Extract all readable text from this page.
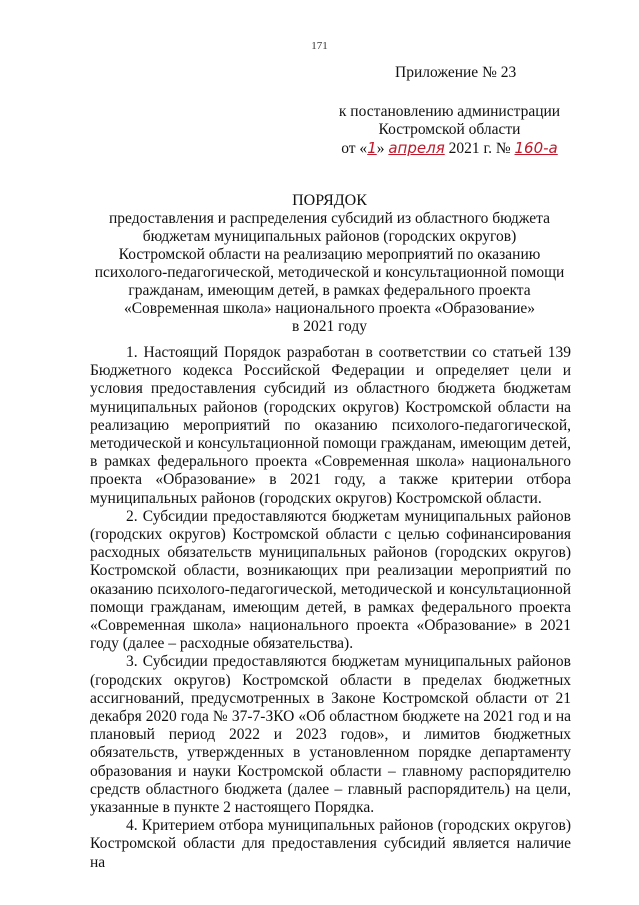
171
Приложение № 23
к постановлению администрации
Костромской области
от «1» апреля 2021 г. № 160-а
ПОРЯДОК
предоставления и распределения субсидий из областного бюджета
бюджетам муниципальных районов (городских округов)
Костромской области на реализацию мероприятий по оказанию
психолого-педагогической, методической и консультационной помощи
гражданам, имеющим детей, в рамках федерального проекта
«Современная школа» национального проекта «Образование»
в 2021 году

1. Настоящий Порядок разработан в соответствии со статьей 139 Бюджетного кодекса Российской Федерации и определяет цели и условия предоставления субсидий из областного бюджета бюджетам муниципальных районов (городских округов) Костромской области на реализацию мероприятий по оказанию психолого-педагогической, методической и консультационной помощи гражданам, имеющим детей, в рамках федерального проекта «Современная школа» национального проекта «Образование» в 2021 году, а также критерии отбора муниципальных районов (городских округов) Костромской области.

2. Субсидии предоставляются бюджетам муниципальных районов (городских округов) Костромской области с целью софинансирования расходных обязательств муниципальных районов (городских округов) Костромской области, возникающих при реализации мероприятий по оказанию психолого-педагогической, методической и консультационной помощи гражданам, имеющим детей, в рамках федерального проекта «Современная школа» национального проекта «Образование» в 2021 году (далее – расходные обязательства).

3. Субсидии предоставляются бюджетам муниципальных районов (городских округов) Костромской области в пределах бюджетных ассигнований, предусмотренных в Законе Костромской области от 21 декабря 2020 года № 37-7-ЗКО «Об областном бюджете на 2021 год и на плановый период 2022 и 2023 годов», и лимитов бюджетных обязательств, утвержденных в установленном порядке департаменту образования и науки Костромской области – главному распорядителю средств областного бюджета (далее – главный распорядитель) на цели, указанные в пункте 2 настоящего Порядка.

4. Критерием отбора муниципальных районов (городских округов) Костромской области для предоставления субсидий является наличие на
